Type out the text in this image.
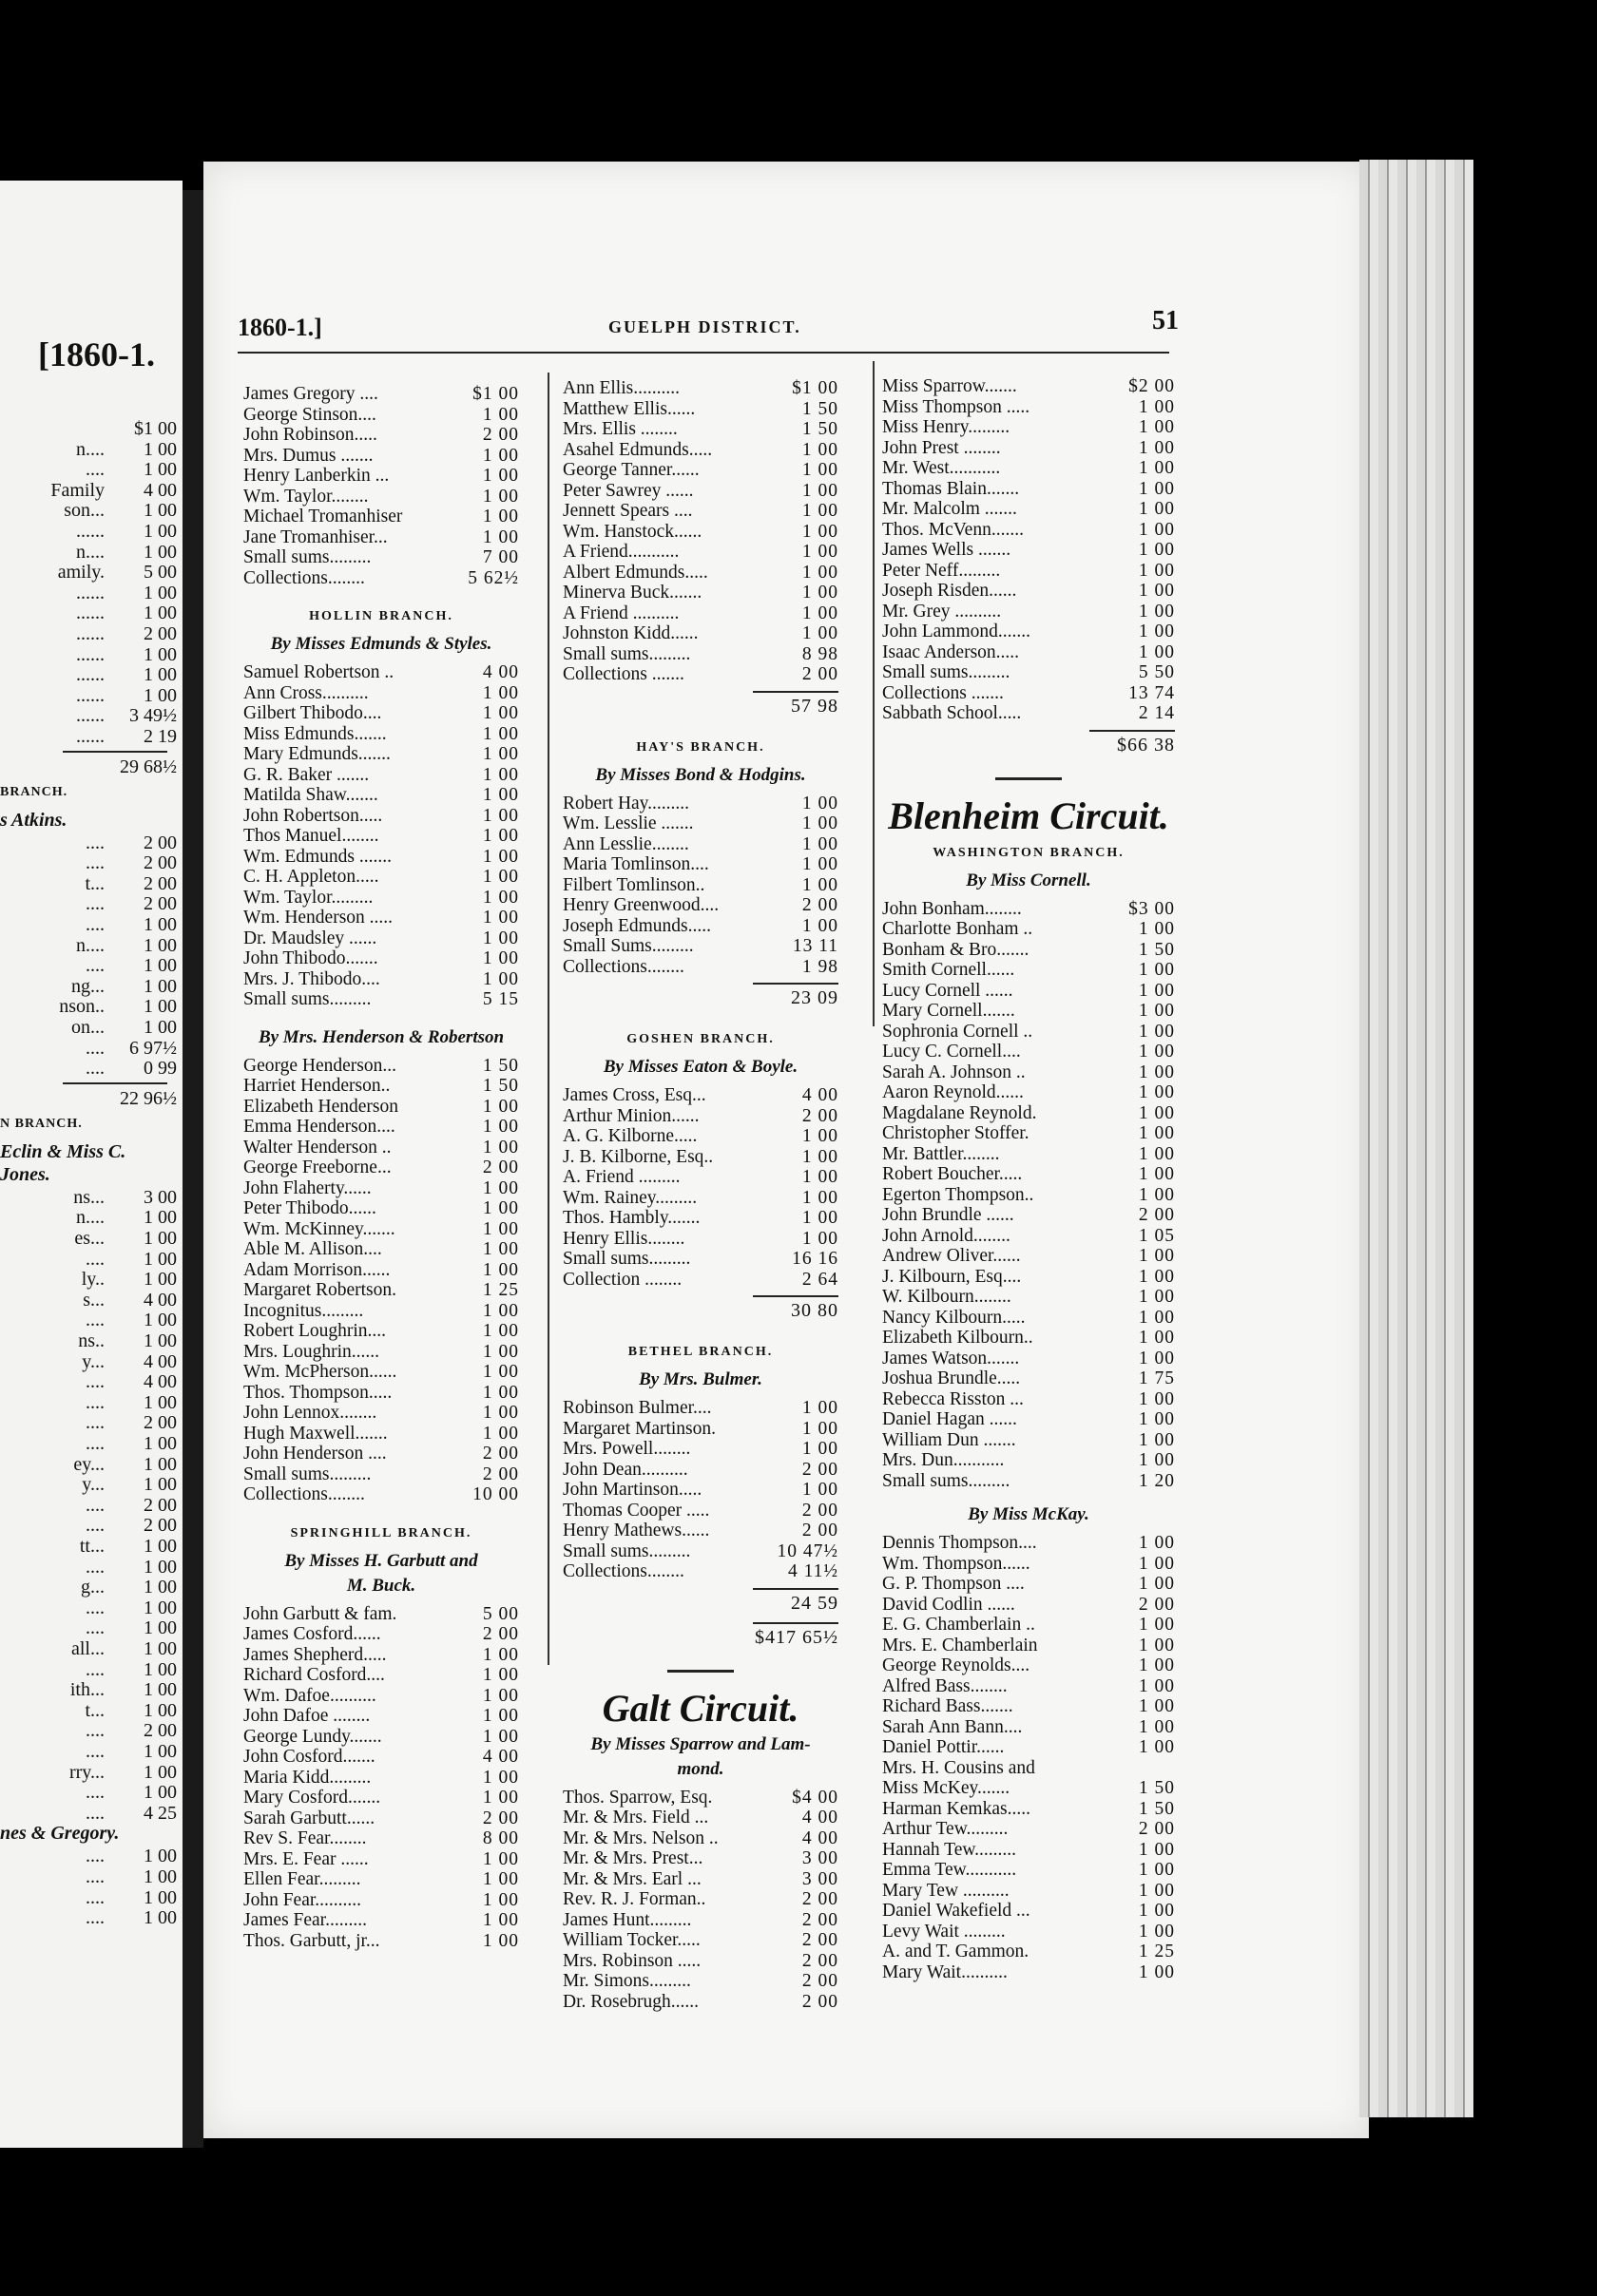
[1860-1.
$1 00
n....	1 00
....	1 00
Family	4 00
son...	1 00
......	1 00
n....	1 00
amily.	5 00
......	1 00
......	1 00
......	2 00
......	1 00
......	1 00
......	1 00
......	3 49½
......	2 19
29 68½
BRANCH.
s Atkins.
....	2 00
....	2 00
t...	2 00
....	2 00
....	1 00
n....	1 00
....	1 00
ng...	1 00
nson..	1 00
on...	1 00
....	6 97½
....	0 99
22 96½
N BRANCH.
Eclin & Miss C.
Jones.
ns...	3 00
n....	1 00
es...	1 00
....	1 00
ly..	1 00
s...	4 00
....	1 00
ns..	1 00
y...	4 00
....	4 00
....	1 00
....	2 00
....	1 00
ey...	1 00
y...	1 00
....	2 00
....	2 00
tt...	1 00
....	1 00
g...	1 00
....	1 00
....	1 00
all...	1 00
....	1 00
ith...	1 00
t...	1 00
....	2 00
....	1 00
rry...	1 00
....	1 00
....	4 25
nes & Gregory.
....	1 00
....	1 00
....	1 00
....	1 00
1860-1.]	GUELPH DISTRICT.	51
James Gregory ....	$1 00
George Stinson....	1 00
John Robinson.....	2 00
Mrs. Dumus .......	1 00
Henry Lanberkin ...	1 00
Wm. Taylor........	1 00
Michael Tromanhiser	1 00
Jane Tromanhiser...	1 00
Small sums.........	7 00
Collections........	5 62½
HOLLIN BRANCH.
By Misses Edmunds & Styles.
Samuel Robertson ..	4 00
Ann Cross..........	1 00
Gilbert Thibodo....	1 00
Miss Edmunds.......	1 00
Mary Edmunds.......	1 00
G. R. Baker .......	1 00
Matilda Shaw.......	1 00
John Robertson.....	1 00
Thos Manuel........	1 00
Wm. Edmunds .......	1 00
C. H. Appleton.....	1 00
Wm. Taylor.........	1 00
Wm. Henderson .....	1 00
Dr. Maudsley ......	1 00
John Thibodo.......	1 00
Mrs. J. Thibodo....	1 00
Small sums.........	5 15
By Mrs. Henderson & Robertson
George Henderson...	1 50
Harriet Henderson..	1 50
Elizabeth Henderson	1 00
Emma Henderson....	1 00
Walter Henderson ..	1 00
George Freeborne...	2 00
John Flaherty......	1 00
Peter Thibodo......	1 00
Wm. McKinney.......	1 00
Able M. Allison....	1 00
Adam Morrison......	1 00
Margaret Robertson.	1 25
Incognitus.........	1 00
Robert Loughrin....	1 00
Mrs. Loughrin......	1 00
Wm. McPherson......	1 00
Thos. Thompson.....	1 00
John Lennox........	1 00
Hugh Maxwell.......	1 00
John Henderson ....	2 00
Small sums.........	2 00
Collections........	10 00
SPRINGHILL BRANCH.
By Misses H. Garbutt and
M. Buck.
John Garbutt & fam.	5 00
James Cosford......	2 00
James Shepherd.....	1 00
Richard Cosford....	1 00
Wm. Dafoe..........	1 00
John Dafoe ........	1 00
George Lundy.......	1 00
John Cosford.......	4 00
Maria Kidd.........	1 00
Mary Cosford.......	1 00
Sarah Garbutt......	2 00
Rev S. Fear........	8 00
Mrs. E. Fear ......	1 00
Ellen Fear.........	1 00
John Fear..........	1 00
James Fear.........	1 00
Thos. Garbutt, jr...	1 00
Ann Ellis..........	$1 00
Matthew Ellis......	1 50
Mrs. Ellis ........	1 50
Asahel Edmunds.....	1 00
George Tanner......	1 00
Peter Sawrey ......	1 00
Jennett Spears ....	1 00
Wm. Hanstock......	1 00
A Friend...........	1 00
Albert Edmunds.....	1 00
Minerva Buck.......	1 00
A Friend ..........	1 00
Johnston Kidd......	1 00
Small sums.........	8 98
Collections .......	2 00
57 98
HAY'S BRANCH.
By Misses Bond & Hodgins.
Robert Hay.........	1 00
Wm. Lesslie .......	1 00
Ann Lesslie........	1 00
Maria Tomlinson....	1 00
Filbert Tomlinson..	1 00
Henry Greenwood....	2 00
Joseph Edmunds.....	1 00
Small Sums.........	13 11
Collections........	1 98
23 09
GOSHEN BRANCH.
By Misses Eaton & Boyle.
James Cross, Esq...	4 00
Arthur Minion......	2 00
A. G. Kilborne.....	1 00
J. B. Kilborne, Esq..	1 00
A. Friend .........	1 00
Wm. Rainey.........	1 00
Thos. Hambly.......	1 00
Henry Ellis........	1 00
Small sums.........	16 16
Collection ........	2 64
30 80
BETHEL BRANCH.
By Mrs. Bulmer.
Robinson Bulmer....	1 00
Margaret Martinson.	1 00
Mrs. Powell........	1 00
John Dean..........	2 00
John Martinson.....	1 00
Thomas Cooper .....	2 00
Henry Mathews......	2 00
Small sums.........	10 47½
Collections........	4 11½
24 59
$417 65½
Galt Circuit.
By Misses Sparrow and Lam-
mond.
Thos. Sparrow, Esq.	$4 00
Mr. & Mrs. Field ...	4 00
Mr. & Mrs. Nelson ..	4 00
Mr. & Mrs. Prest...	3 00
Mr. & Mrs. Earl ...	3 00
Rev. R. J. Forman..	2 00
James Hunt.........	2 00
William Tocker.....	2 00
Mrs. Robinson .....	2 00
Mr. Simons.........	2 00
Dr. Rosebrugh......	2 00
Miss Sparrow.......	$2 00
Miss Thompson .....	1 00
Miss Henry.........	1 00
John Prest ........	1 00
Mr. West...........	1 00
Thomas Blain.......	1 00
Mr. Malcolm .......	1 00
Thos. McVenn.......	1 00
James Wells .......	1 00
Peter Neff.........	1 00
Joseph Risden......	1 00
Mr. Grey ..........	1 00
John Lammond.......	1 00
Isaac Anderson.....	1 00
Small sums.........	5 50
Collections .......	13 74
Sabbath School.....	2 14
$66 38
Blenheim Circuit.
WASHINGTON BRANCH.
By Miss Cornell.
John Bonham........	$3 00
Charlotte Bonham ..	1 00
Bonham & Bro.......	1 50
Smith Cornell......	1 00
Lucy Cornell ......	1 00
Mary Cornell.......	1 00
Sophronia Cornell ..	1 00
Lucy C. Cornell....	1 00
Sarah A. Johnson ..	1 00
Aaron Reynold......	1 00
Magdalane Reynold.	1 00
Christopher Stoffer.	1 00
Mr. Battler........	1 00
Robert Boucher.....	1 00
Egerton Thompson..	1 00
John Brundle ......	2 00
John Arnold........	1 05
Andrew Oliver......	1 00
J. Kilbourn, Esq....	1 00
W. Kilbourn........	1 00
Nancy Kilbourn.....	1 00
Elizabeth Kilbourn..	1 00
James Watson.......	1 00
Joshua Brundle.....	1 75
Rebecca Risston ...	1 00
Daniel Hagan ......	1 00
William Dun .......	1 00
Mrs. Dun...........	1 00
Small sums.........	1 20
By Miss McKay.
Dennis Thompson....	1 00
Wm. Thompson......	1 00
G. P. Thompson ....	1 00
David Codlin ......	2 00
E. G. Chamberlain ..	1 00
Mrs. E. Chamberlain	1 00
George Reynolds....	1 00
Alfred Bass........	1 00
Richard Bass.......	1 00
Sarah Ann Bann....	1 00
Daniel Pottir......	1 00
Mrs. H. Cousins and
Miss McKey.......	1 50
Harman Kemkas.....	1 50
Arthur Tew.........	2 00
Hannah Tew.........	1 00
Emma Tew...........	1 00
Mary Tew ..........	1 00
Daniel Wakefield ...	1 00
Levy Wait .........	1 00
A. and T. Gammon.	1 25
Mary Wait..........	1 00
